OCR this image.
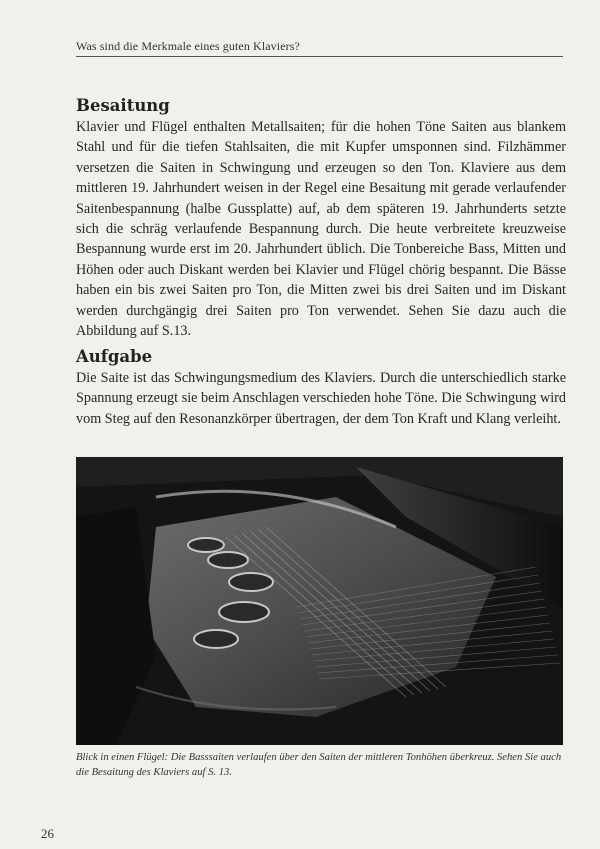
Was sind die Merkmale eines guten Klaviers?
Besaitung

Klavier und Flügel enthalten Metallsaiten; für die hohen Töne Saiten aus blankem Stahl und für die tiefen Stahlsaiten, die mit Kupfer umsponnen sind. Filzhämmer versetzen die Saiten in Schwingung und erzeugen so den Ton. Klaviere aus dem mittleren 19. Jahrhundert weisen in der Regel eine Besaitung mit gerade verlaufender Saitenbespannung (halbe Gussplatte) auf, ab dem späteren 19. Jahrhunderts setzte sich die schräg verlaufende Bespannung durch. Die heute verbreitete kreuzweise Bespannung wurde erst im 20. Jahrhundert üblich. Die Tonbereiche Bass, Mitten und Höhen oder auch Diskant werden bei Klavier und Flügel chörig bespannt. Die Bässe haben ein bis zwei Saiten pro Ton, die Mitten zwei bis drei Saiten und im Diskant werden durchgängig drei Saiten pro Ton verwendet. Sehen Sie dazu auch die Abbildung auf S.13.

Aufgabe

Die Saite ist das Schwingungsmedium des Klaviers. Durch die unterschiedlich starke Spannung erzeugt sie beim Anschlagen verschieden hohe Töne. Die Schwingung wird vom Steg auf den Resonanzkörper übertragen, der dem Ton Kraft und Klang verleiht.

Blick in einen Flügel: Die Basssaiten verlaufen über den Saiten der mittleren Tonhöhen überkreuz. Sehen Sie auch die Besaitung des Klaviers auf S. 13.
26
